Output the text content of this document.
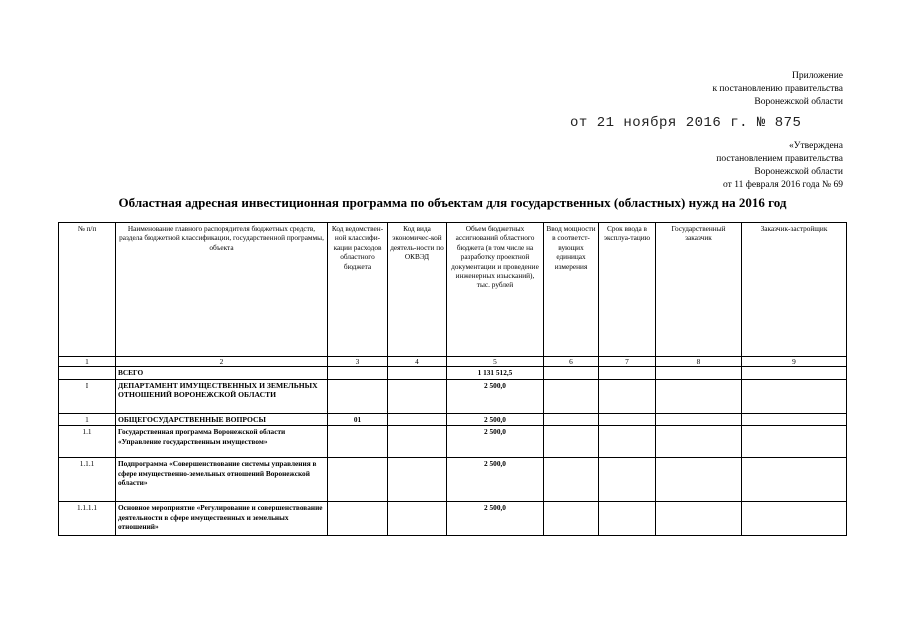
Приложение
к постановлению правительства
Воронежской области
от 21 ноября 2016 г. № 875
«Утверждена
постановлением правительства
Воронежской области
от 11 февраля 2016 года № 69
Областная адресная инвестиционная программа по объектам для государственных (областных) нужд на 2016 год
№ п/п	Наименование главного распорядителя бюджетных средств, раздела бюджетной классификации, государственной программы, объекта	Код ведомствен-ной классифи-кации расходов областного бюджета	Код вида экономичес-кой деятель-ности по ОКВЭД	Объем бюджетных ассигнований областного бюджета (в том числе на разработку проектной документации и проведение инженерных изысканий), тыс. рублей	Ввод мощности в соответст-вующих единицах измерения	Срок ввода в эксплуа-тацию	Государственный заказчик	Заказчик-застройщик
1	2	3	4	5	6	7	8	9
	ВСЕГО			1 131 512,5				
I	ДЕПАРТАМЕНТ ИМУЩЕСТВЕННЫХ И ЗЕМЕЛЬНЫХ ОТНОШЕНИЙ ВОРОНЕЖСКОЙ ОБЛАСТИ			2 500,0				
1	ОБЩЕГОСУДАРСТВЕННЫЕ ВОПРОСЫ	01		2 500,0				
1.1	Государственная программа Воронежской области «Управление государственным имуществом»			2 500,0				
1.1.1	Подпрограмма «Совершенствование системы управления в сфере имущественно-земельных отношений Воронежской области»			2 500,0				
1.1.1.1	Основное мероприятие «Регулирование и совершенствование деятельности в сфере имущественных и земельных отношений»			2 500,0				
